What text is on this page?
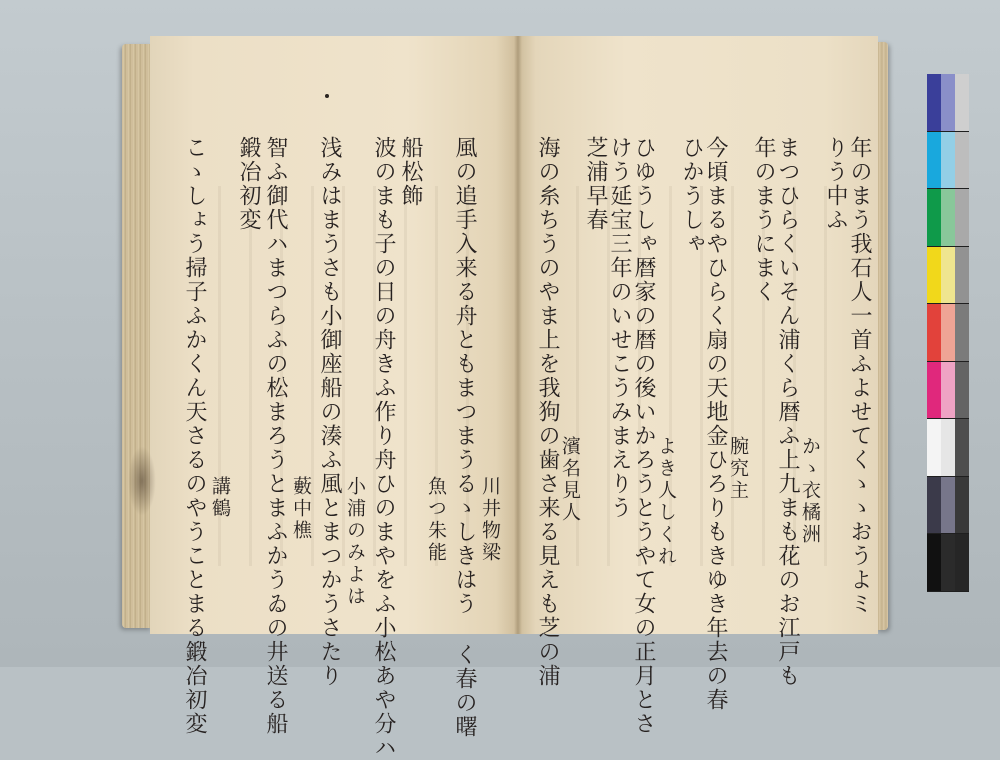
川井物梁
風の追手入来る舟ともまつまうるゝしきはう く春の曙
魚つ朱能
船松飾
波のまも子の日の舟きふ作り舟ひのまやをふ小松あや分ハ
小浦のみよは
浅みはまうさも小御座船の湊ふ風とまつかうさたり
藪中樵
智ふ御代ハまつらふの松まろうとまふかうゐの井送る船
鍛冶初変
講鶴
こゝしょう掃子ふかくん天さるのやうことまる鍛冶初変	年のまう我石人一首ふよせてくゝゝおうよミ
りう中ふ
かゝ衣橘洲
まつひらくいそん浦くら暦ふ上九まも花のお江戸も
年のまうにまく
腕究主
今頃まるやひらく扇の天地金ひろりもきゆき年去の春
ひかうしゃ
よき人しくれ
ひゆうしゃ暦家の暦の後いかろうとうやて女の正月とさ
けう延宝三年のいせこうみまえりう
芝浦早春
濱名見人
海の糸ちうのやま上を我狗の歯さ来る見えも芝の浦
